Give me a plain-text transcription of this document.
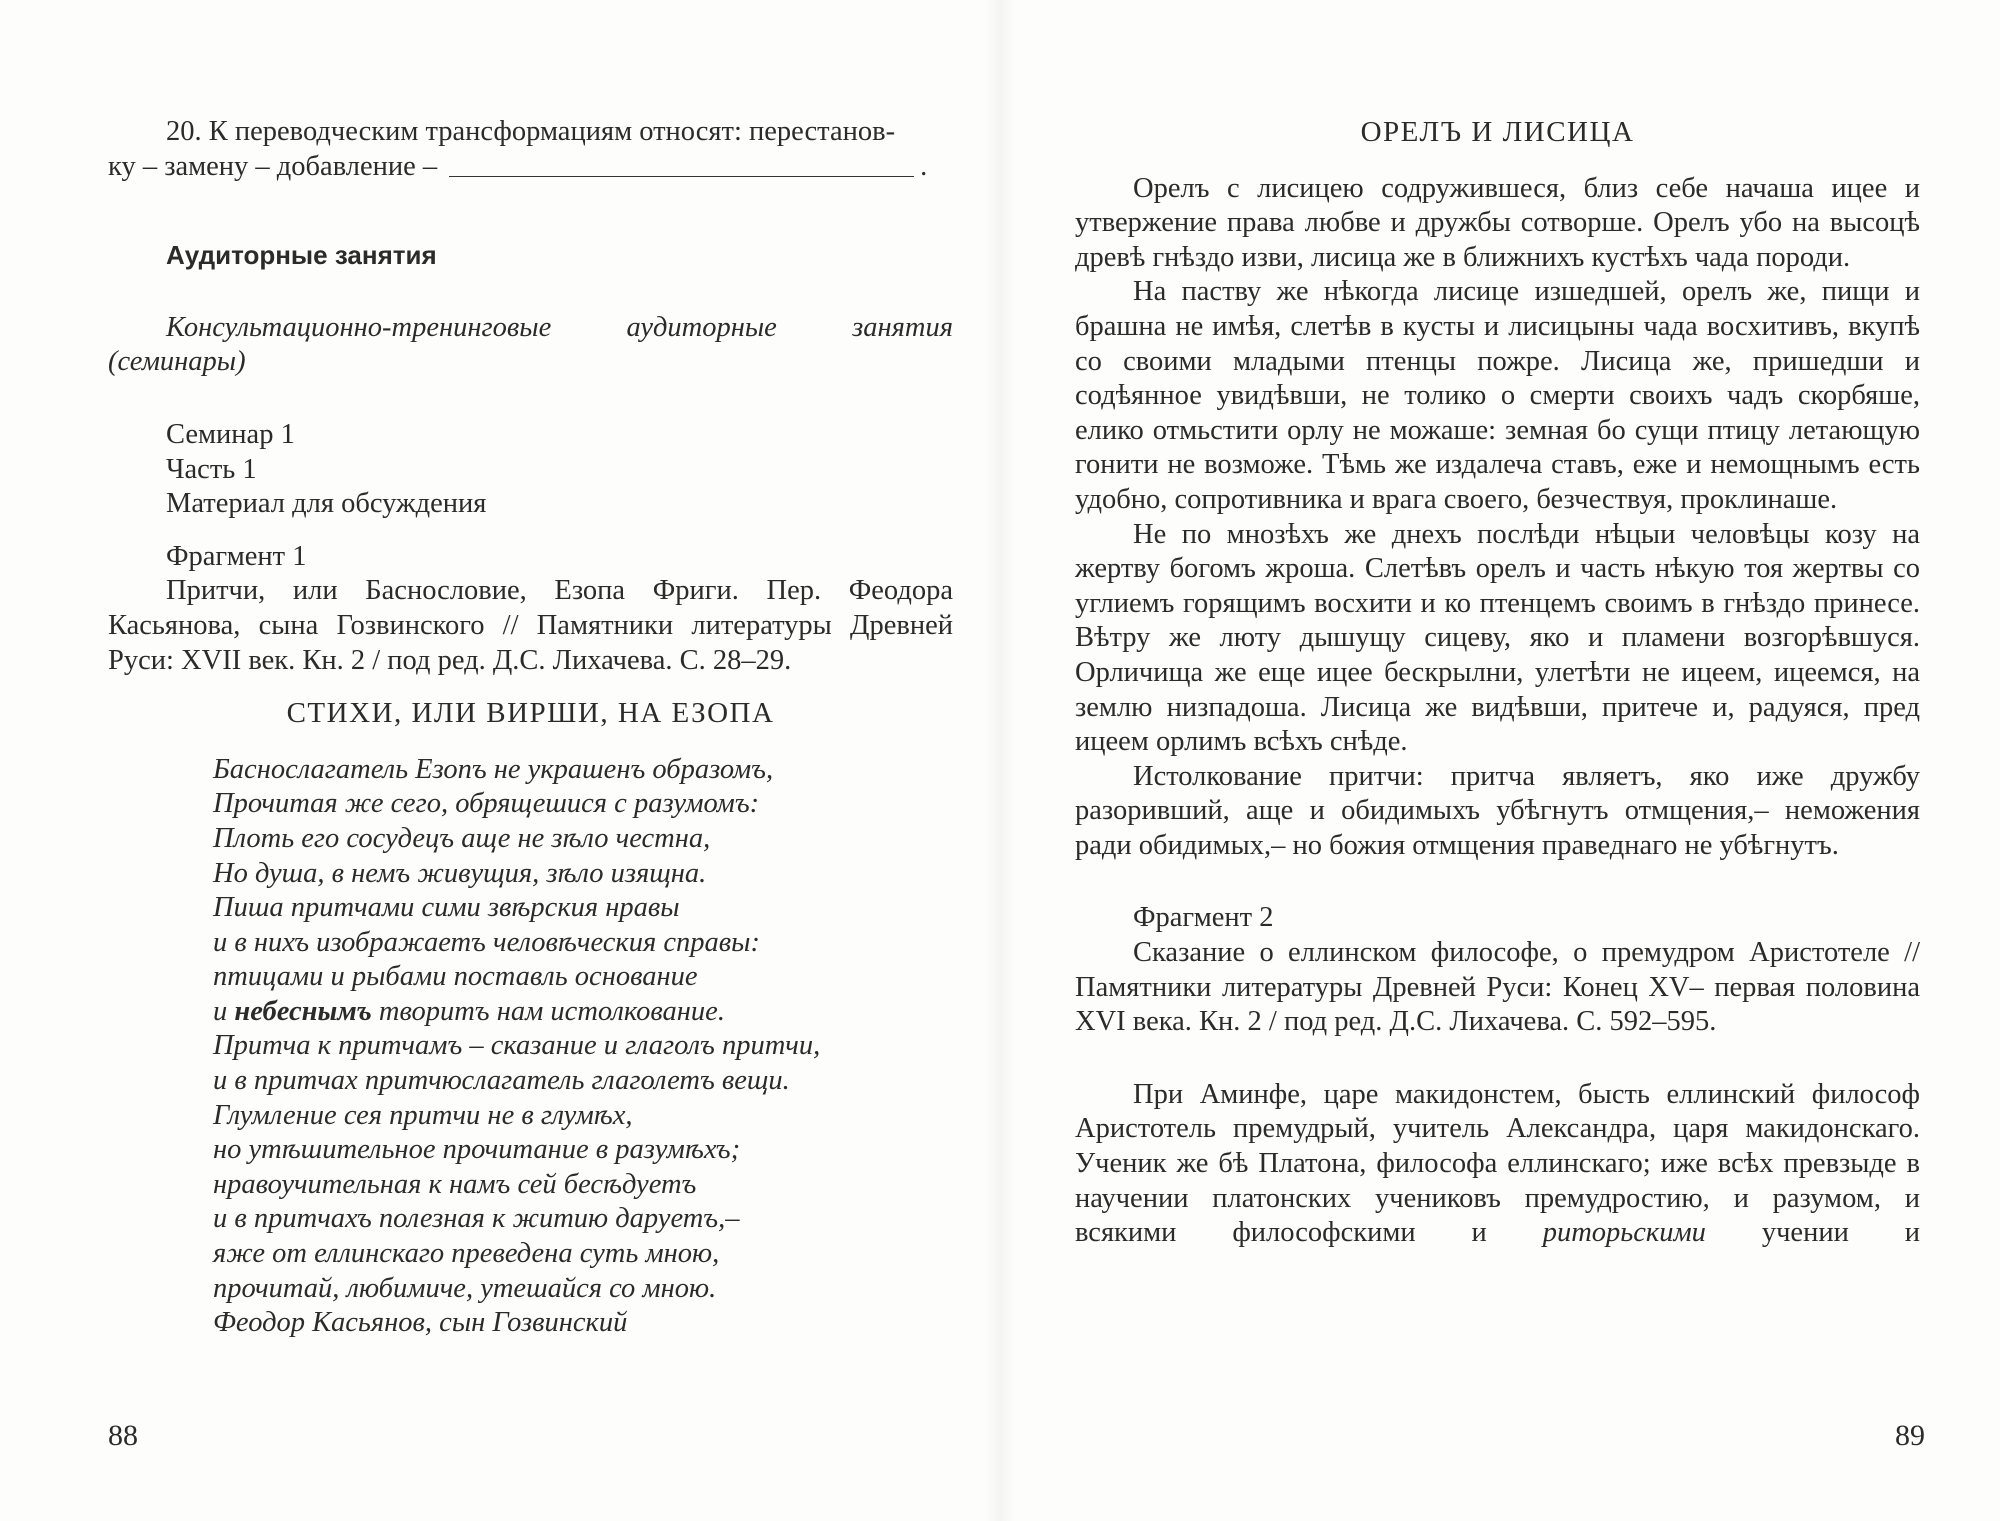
20. К переводческим трансформациям относят: перестанов-

ку – замену – добавление –	.

Аудиторные занятия

Консультационно-тренинговые аудиторные занятия (семинары)

Семинар 1

Часть 1

Материал для обсуждения

Фрагмент 1

Притчи, или Баснословие, Езопа Фриги. Пер. Феодора Касьянова, сына Гозвинского // Памятники литературы Древней Руси: XVII век. Кн. 2 / под ред. Д.С. Лихачева. С. 28–29.

СТИХИ, ИЛИ ВИРШИ, НА ЕЗОПА

Баснослагатель Езопъ не украшенъ образомъ,
Прочитая же сего, обрящешися с разумомъ:
Плоть его сосудецъ аще не зѣло честна,
Но душа, в немъ живущия, зѣло изящна.
Пиша притчами сими звѣрския нравы
и в нихъ изображаетъ человѣческия справы:
птицами и рыбами поставль основание
и небеснымъ творитъ нам истолкование.
Притча к притчамъ – сказание и глаголъ притчи,
и в притчах притчюслагатель глаголетъ вещи.
Глумление сея притчи не в глумѣх,
но утѣшительное прочитание в разумѣхъ;
нравоучительная к намъ сей бесѣдуетъ
и в притчахъ полезная к житию даруетъ,–
яже от еллинскаго преведена суть мною,
прочитай, любимиче, утешайся со мною.
Феодор Касьянов, сын Гозвинский
88

ОРЕЛЪ И ЛИСИЦА

Орелъ с лисицею содружившеся, близ себе начаша ицее и утвержение права любве и дружбы сотворше. Орелъ убо на высоцѣ древѣ гнѣздо изви, лисица же в ближнихъ кустѣхъ чада породи.

На паству же нѣкогда лисице изшедшей, орелъ же, пищи и брашна не имѣя, слетѣв в кусты и лисицыны чада восхитивъ, вкупѣ со своими младыми птенцы пожре. Лисица же, пришедши и содѣянное увидѣвши, не толико о смерти своихъ чадъ скорбяше, елико отмьстити орлу не можаше: земная бо сущи птицу летающую гонити не возможе. Тѣмь же издалеча ставъ, еже и немощнымъ есть удобно, сопротивника и врага своего, безчествуя, проклинаше.

Не по мнозѣхъ же днехъ послѣди нѣцыи человѣцы козу на жертву богомъ жроша. Слетѣвъ орелъ и часть нѣкую тоя жертвы со углиемъ горящимъ восхити и ко птенцемъ своимъ в гнѣздо принесе. Вѣтру же люту дышущу сицеву, яко и пламени возгорѣвшуся. Орличища же еще ицее бескрылни, улетѣти не ицеем, ицеемся, на землю низпадоша. Лисица же видѣвши, притече и, радуяся, пред ицеем орлимъ всѣхъ снѣде.

Истолкование притчи: притча являетъ, яко иже дружбу разоривший, аще и обидимыхъ убѣгнутъ отмщения,– неможения ради обидимых,– но божия отмщения праведнаго не убѣгнутъ.

Фрагмент 2

Сказание о еллинском философе, о премудром Аристотеле // Памятники литературы Древней Руси: Конец XV– первая половина XVI века. Кн. 2 / под ред. Д.С. Лихачева. С. 592–595.

При Аминфе, царе макидонстем, бысть еллинский философ Аристотель премудрый, учитель Александра, царя макидонскаго. Ученик же бѣ Платона, философа еллинскаго; иже всѣх превзыде в научении платонских учениковъ премудростию, и разумом, и всякими философскими и риторьскими учении и

89
